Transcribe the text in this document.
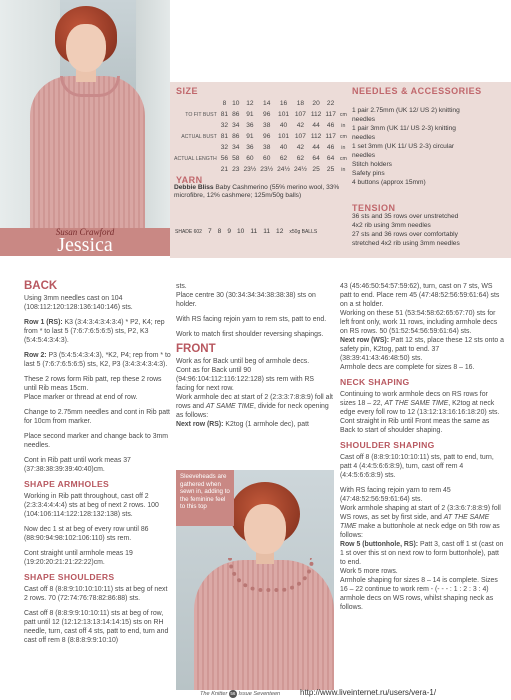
Susan Crawford
Jessica
SIZE
	8	10	12	14	16	18	20	22	
TO FIT BUST	81	86	91	96	101	107	112	117	cm
	32	34	36	38	40	42	44	46	in
ACTUAL BUST	81	86	91	96	101	107	112	117	cm
	32	34	36	38	40	42	44	46	in
ACTUAL LENGTH	56	58	60	60	62	62	64	64	cm
	21	23	23½	23½	24½	24½	25	25	in
YARN
Debbie Bliss Baby Cashmerino (55% merino wool, 33% microfibre, 12% cashmere; 125m/50g balls)
SHADE 602	7	8	9	10	11	11	12	x50g BALLS
NEEDLES & ACCESSORIES
1 pair 2.75mm (UK 12/ US 2) knitting
needles
1 pair 3mm (UK 11/ US 2-3) knitting
needles
1 set 3mm (UK 11/ US 2-3) circular
needles
Stitch holders
Safety pins
4 buttons (approx 15mm)
TENSION
36 sts and 35 rows over unstretched
4x2 rib using 3mm needles
27 sts and 36 rows over comfortably
stretched 4x2 rib using 3mm needles
BACK

Using 3mm needles cast on 104 (108:112:120:128:136:140:146) sts.

Row 1 (RS): K3 (3:4:3:4:3:4:3:4) * P2, K4; rep from * to last 5 (7:6:7:6:5:6:5) sts, P2, K3 (5:4:5:4:3:4:3).

Row 2: P3 (5:4:5:4:3:4:3), *K2, P4; rep from * to last 5 (7:6:7:6:5:6:5) sts, K2, P3 (3:4:3:4:3:4:3).

These 2 rows form Rib patt, rep these 2 rows until Rib meas 15cm.

Place marker or thread at end of row.

Change to 2.75mm needles and cont in Rib patt for 10cm from marker.

Place second marker and change back to 3mm needles.

Cont in Rib patt until work meas 37 (37:38:38:39:39:40:40)cm.

SHAPE ARMHOLES

Working in Rib patt throughout, cast off 2 (2:3:3:4:4:4:4) sts at beg of next 2 rows. 100 (104:106:114:122:128:132:138) sts.

Now dec 1 st at beg of every row until 86 (88:90:94:98:102:106:110) sts rem.

Cont straight until armhole meas 19 (19:20:20:21:21:22:22)cm.

SHAPE SHOULDERS

Cast off 8 (8:8:9:10:10:10:11) sts at beg of next 2 rows. 70 (72:74:76:78:82:86:88) sts.

Cast off 8 (8:8:9:9:10:10:11) sts at beg of row, patt until 12 (12:12:13:13:14:14:15) sts on RH needle, turn, cast off 4 sts, patt to end, turn and cast off rem 8 (8:8:8:9:9:10:10)

sts.

Place centre 30 (30:34:34:34:38:38:38) sts on holder.

With RS facing rejoin yarn to rem sts, patt to end.

Work to match first shoulder reversing shapings.

FRONT

Work as for Back until beg of armhole decs.

Cont as for Back until 90 (94:96:104:112:116:122:128) sts rem with RS facing for next row.

Work armhole dec at start of 2 (2:3:3:7:8:8:9) foll alt rows and AT SAME TIME, divide for neck opening as follows:

Next row (RS): K2tog (1 armhole dec), patt

Sleeveheads are gathered when sewn in, adding to the feminine feel to this top

43 (45:46:50:54:57:59:62), turn, cast on 7 sts, WS patt to end. Place rem 45 (47:48:52:56:59:61:64) sts on a st holder.

Working on these 51 (53:54:58:62:65:67:70) sts for left front only, work 11 rows, including armhole decs on RS rows. 50 (51:52:54:56:59:61:64) sts.

Next row (WS): Patt 12 sts, place these 12 sts onto a safety pin, K2tog, patt to end. 37 (38:39:41:43:46:48:50) sts.

Armhole decs are complete for sizes 8 – 16.

NECK SHAPING

Continuing to work armhole decs on RS rows for sizes 18 – 22, AT THE SAME TIME, K2tog at neck edge every foll row to 12 (13:12:13:16:16:18:20) sts.

Cont straight in Rib until Front meas the same as Back to start of shoulder shaping.

SHOULDER SHAPING

Cast off 8 (8:8:9:10:10:10:11) sts, patt to end, turn, patt 4 (4:4:5:6:6:8:9), turn, cast off rem 4 (4:4:5:6:6:8:9) sts.

With RS facing rejoin yarn to rem 45 (47:48:52:56:59:61:64) sts.

Work armhole shaping at start of 2 (3:3:6:7:8:8:9) foll WS rows, as set by first side, and AT THE SAME TIME make a buttonhole at neck edge on 5th row as follows:

Row 5 (buttonhole, RS): Patt 3, cast off 1 st (cast on 1 st over this st on next row to form buttonhole), patt to end.

Work 5 more rows.

Armhole shaping for sizes 8 – 14 is complete. Sizes 16 – 22 continue to work rem - (- - - : 1 : 2 : 3 : 4) armhole decs on WS rows, whilst shaping neck as follows.

The Knitter 56 Issue Seventeen	http://www.liveinternet.ru/users/vera-1/
